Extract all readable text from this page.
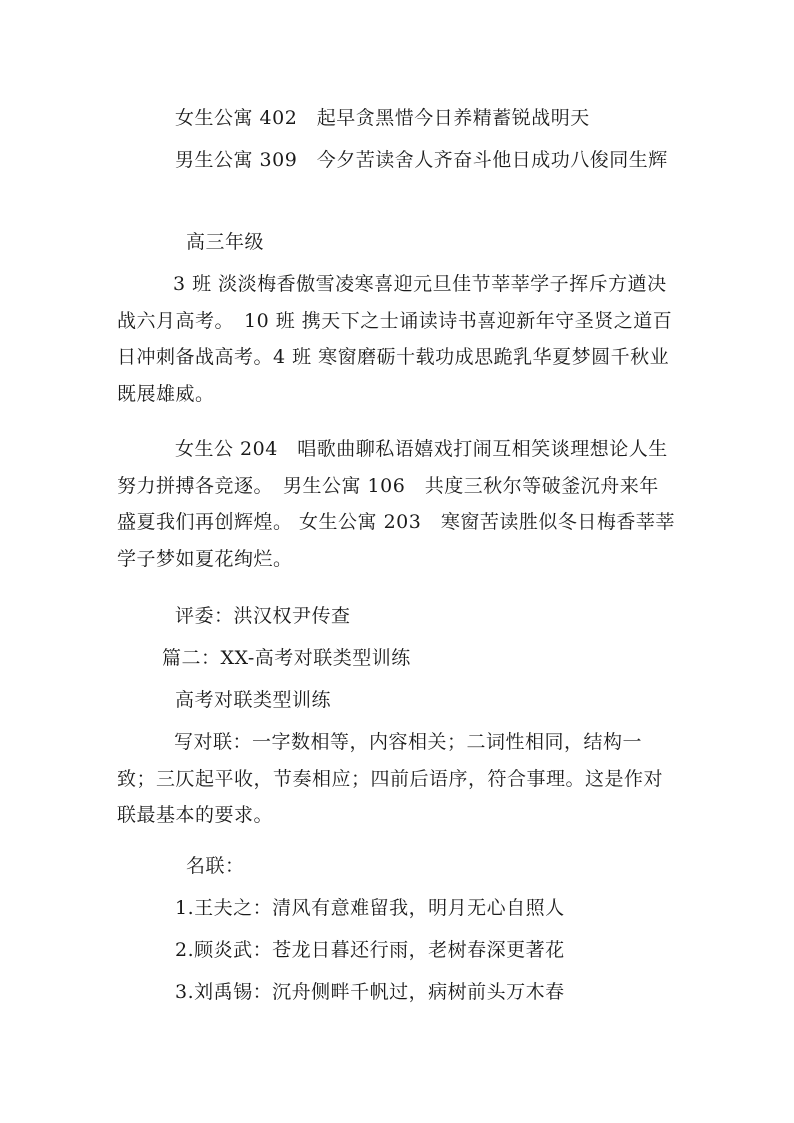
女生公寓 402　起早贪黑惜今日养精蓄锐战明天
男生公寓 309　今夕苦读舍人齐奋斗他日成功八俊同生辉
高三年级
3 班 淡淡梅香傲雪凌寒喜迎元旦佳节莘莘学子挥斥方遒决战六月高考。　10 班 携天下之士诵读诗书喜迎新年守圣贤之道百日冲刺备战高考。4 班 寒窗磨砺十载功成思跪乳华夏梦圆千秋业既展雄威。
女生公 204　唱歌曲聊私语嬉戏打闹互相笑谈理想论人生努力拼搏各竞逐。　男生公寓 106　共度三秋尔等破釜沉舟来年盛夏我们再创辉煌。 女生公寓 203　寒窗苦读胜似冬日梅香莘莘学子梦如夏花绚烂。
评委：洪汉权尹传查
篇二：XX-高考对联类型训练
高考对联类型训练
写对联：一字数相等，内容相关；二词性相同，结构一致；三仄起平收，节奏相应；四前后语序，符合事理。这是作对联最基本的要求。
名联：
1.王夫之：清风有意难留我，明月无心自照人
2.顾炎武：苍龙日暮还行雨，老树春深更著花
3.刘禹锡：沉舟侧畔千帆过，病树前头万木春
